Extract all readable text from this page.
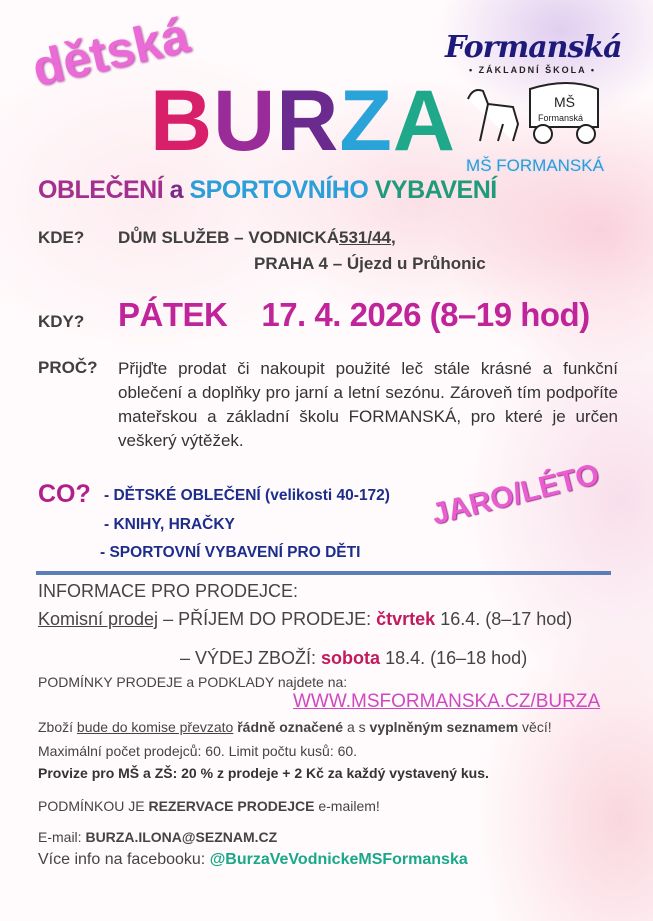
dětská
BURZA
Formanská
• ZÁKLADNÍ ŠKOLA •
MŠ
Formanská
MŠ FORMANSKÁ
OBLEČENÍ a SPORTOVNÍHO VYBAVENÍ
KDE? DŮM SLUŽEB – VODNICKÁ531/44,
PRAHA 4 – Újezd u Průhonic
KDY? PÁTEK 17. 4. 2026 (8–19 hod)
PROČ? Přijďte prodat či nakoupit použité leč stále krásné a funkční oblečení a doplňky pro jarní a letní sezónu. Zároveň tím podpoříte mateřskou a základní školu FORMANSKÁ, pro které je určen veškerý výtěžek.
CO? - DĚTSKÉ OBLEČENÍ (velikosti 40-172)
- KNIHY, HRAČKY
- SPORTOVNÍ VYBAVENÍ PRO DĚTI
JARO/LÉTO
INFORMACE PRO PRODEJCE:
Komisní prodej – PŘÍJEM DO PRODEJE: čtvrtek 16.4. (8–17 hod)
– VÝDEJ ZBOŽÍ: sobota 18.4. (16–18 hod)
PODMÍNKY PRODEJE a PODKLADY najdete na:
WWW.MSFORMANSKA.CZ/BURZA
Zboží bude do komise převzato řádně označené a s vyplněným seznamem věcí!
Maximální počet prodejců: 60. Limit počtu kusů: 60.
Provize pro MŠ a ZŠ: 20 % z prodeje + 2 Kč za každý vystavený kus.
PODMÍNKOU JE REZERVACE PRODEJCE e-mailem!
E-mail: BURZA.ILONA@SEZNAM.CZ
Více info na facebooku: @BurzaVeVodnickeMSFormanska
